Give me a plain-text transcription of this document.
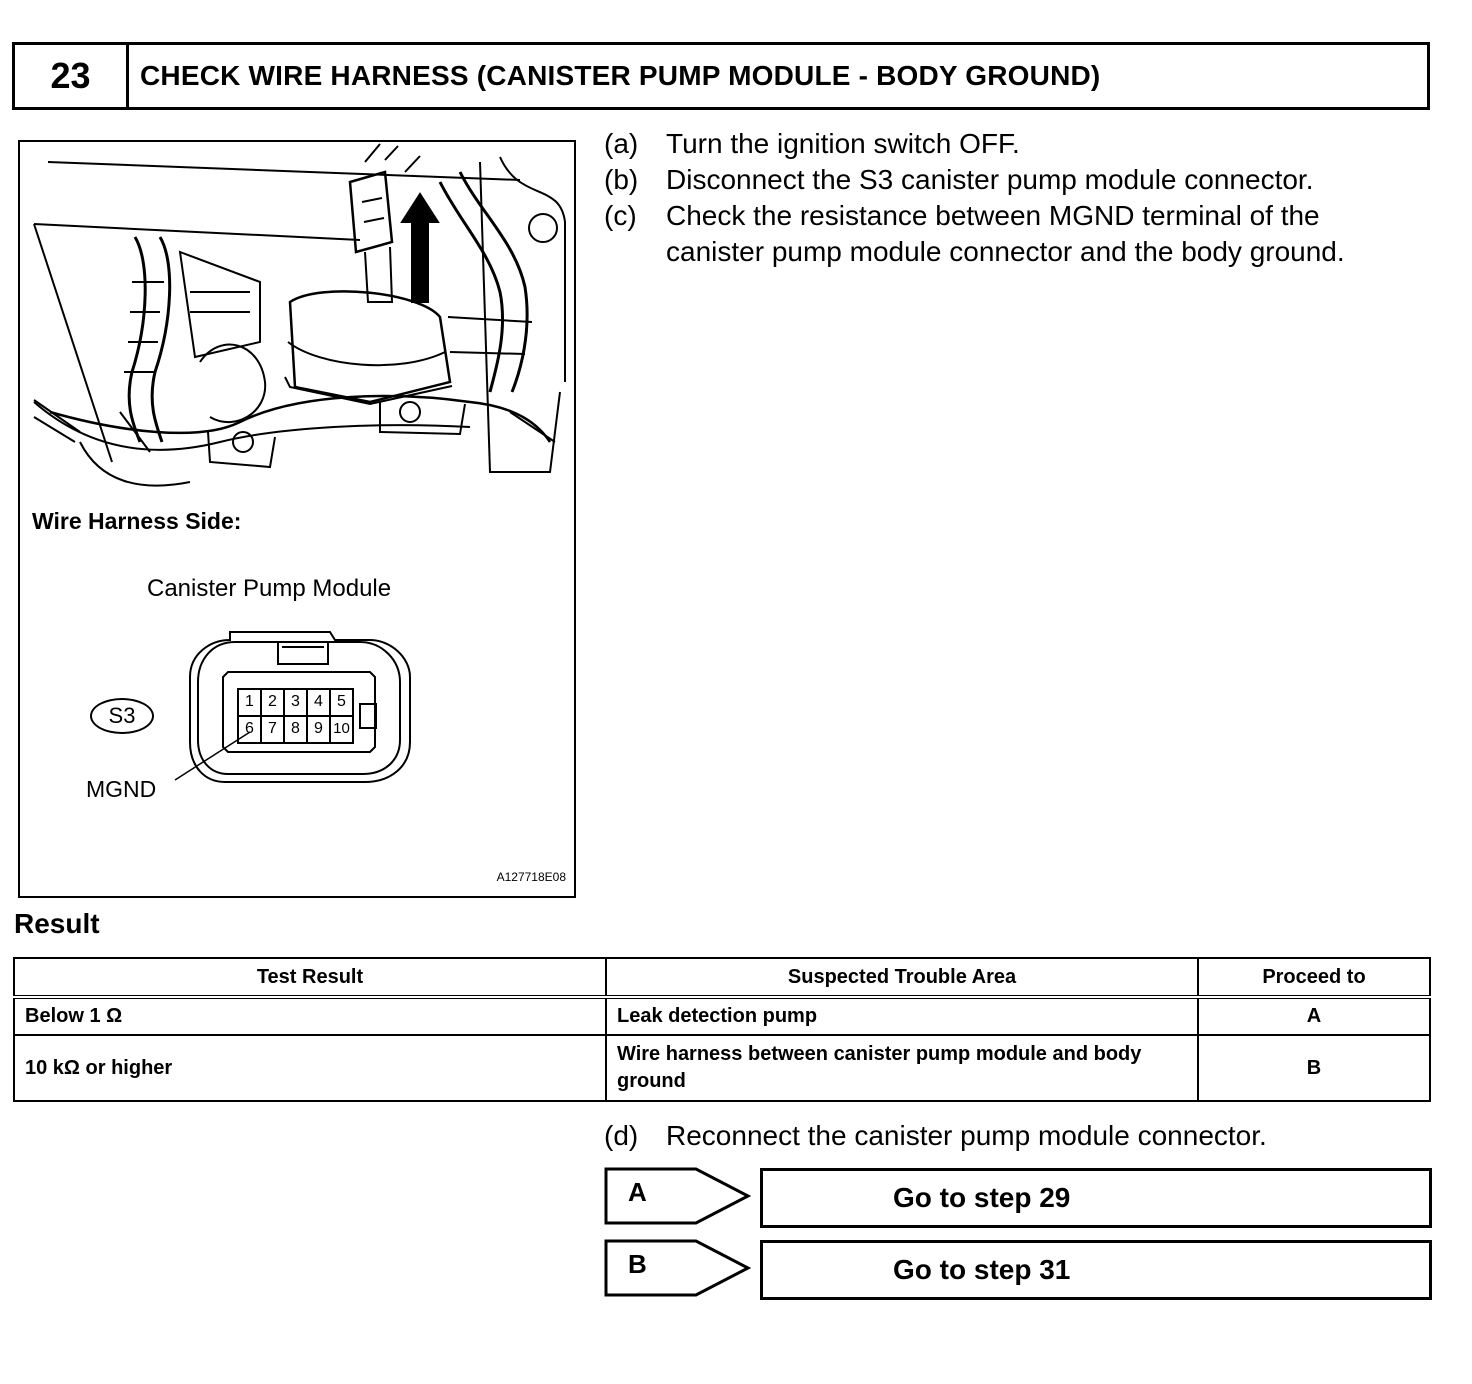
23	CHECK WIRE HARNESS (CANISTER PUMP MODULE - BODY GROUND)
1 2 3 4 5
6 7 8 9 10
Wire Harness Side:
Canister Pump Module
S3
MGND
A127718E08
(a) Turn the ignition switch OFF.
(b) Disconnect the S3 canister pump module connector.
(c) Check the resistance between MGND terminal of the
canister pump module connector and the body ground.
Result
Test Result	Suspected Trouble Area	Proceed to
Below 1 Ω	Leak detection pump	A
10 kΩ or higher	Wire harness between canister pump module and body ground	B
(d) Reconnect the canister pump module connector.
A	Go to step 29
B	Go to step 31
